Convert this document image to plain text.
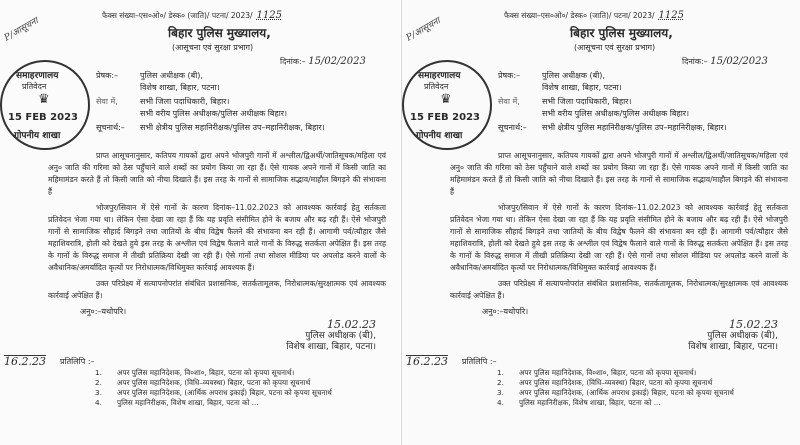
P/आसूचना
फैक्स संख्या–एस०ओ०/ डेस्क० (जाति)/ पटना/ 2023/ 1125
बिहार पुलिस मुख्यालय,
(आसूचना एवं सुरक्षा प्रभाग)
दिनांक:– 15/02/2023
समाहरणालय
प्रतिवेदन
♛
15 FEB 2023
गोपनीय शाखा
प्रेषक:–	पुलिस अधीक्षक (बी),
विशेष शाखा, बिहार, पटना।
सेवा में,	सभी जिला पदाधिकारी, बिहार।
सभी वरीय पुलिस अधीक्षक/पुलिस अधीक्षक बिहार।
सूचनार्थ:– सभी क्षेत्रीय पुलिस महानिरीक्षक/पुलिस उप–महानिरीक्षक, बिहार।
प्राप्त आसूचनानुसार, कतिपय गायकों द्वारा अपने भोजपुरी गानों में अश्लील/द्विअर्थी/जातिसूचक/महिला एवं अनु० जाति की गरिमा को ठेस पहुँचाने वाले शब्दों का प्रयोग किया जा रहा हैं। ऐसे गायक अपने गानों में किसी जाति का महिमामंडन करते हैं तो किसी जाति को नीचा दिखाते हैं। इस तरह के गानों से सामाजिक सद्भाव/माहौल बिगड़ने की संभावना हैं
भोजपुर/सिवान में ऐसे गानों के कारण दिनांक–11.02.2023 को आवश्यक कार्रवाई हेतु सर्तकता प्रतिवेदन भेजा गया था। लेकिन ऐसा देखा जा रहा हैं कि यह प्रवृति संसीमित होने के बजाय और बढ़ रही हैं। ऐसे भोजपुरी गानों से सामाजिक सौहार्द बिगड़ने तथा जातियों के बीच विद्वेष फैलने की संभावना बन रही हैं। आगामी पर्व/त्यौहार जैसे महाशिवरात्रि, होली को देखते हुये इस तरह के अश्लील एवं विद्वेष फैलाने वाले गानों के विरुद्ध सतर्कता अपेक्षित हैं। इस तरह के गानों के विरुद्ध समाज में तीखी प्रतिक्रिया देखी जा रही हैं। ऐसे गानों तथा सोशल मीडिया पर अपलोड करने वालों के अवैधानिक/अमर्यादित कृत्यों पर निरोधात्मक/विधिमुक्त कार्रवाई आवश्यक हैं।
उक्त परिप्रेक्ष्य में सत्यापनोपरांत संबंधित प्रशासनिक, सतर्कतामूलक, निरोधात्मक/सुरक्षात्मक एवं आवश्यक कार्रवाई अपेक्षित हैं।
अनु०:–यथोपरि।
15.02.23
पुलिस अधीक्षक (बी),
विशेष शाखा, बिहार, पटना।
16.2.23 प्रतिलिपि :–
1. अपर पुलिस महानिदेशक, वि०शा०, बिहार, पटना को कृपया सूचनार्थ।
2. अपर पुलिस महानिदेशक, (विधि–व्यवस्था) बिहार, पटना को कृपया सूचनार्थ
3. अपर पुलिस महानिदेशक, (आर्थिक अपराध इकाई) बिहार, पटना को कृपया सूचनार्थ
4. पुलिस महानिरीक्षक, विशेष शाखा, बिहार, पटना को ...
P/आसूचना
फैक्स संख्या–एस०ओ०/ डेस्क० (जाति)/ पटना/ 2023/ 1125
बिहार पुलिस मुख्यालय,
(आसूचना एवं सुरक्षा प्रभाग)
दिनांक:– 15/02/2023
समाहरणालय
प्रतिवेदन
♛
15 FEB 2023
गोपनीय शाखा
प्रेषक:–	पुलिस अधीक्षक (बी),
विशेष शाखा, बिहार, पटना।
सेवा में,	सभी जिला पदाधिकारी, बिहार।
सभी वरीय पुलिस अधीक्षक/पुलिस अधीक्षक बिहार।
सूचनार्थ:– सभी क्षेत्रीय पुलिस महानिरीक्षक/पुलिस उप–महानिरीक्षक, बिहार।
प्राप्त आसूचनानुसार, कतिपय गायकों द्वारा अपने भोजपुरी गानों में अश्लील/द्विअर्थी/जातिसूचक/महिला एवं अनु० जाति की गरिमा को ठेस पहुँचाने वाले शब्दों का प्रयोग किया जा रहा हैं। ऐसे गायक अपने गानों में किसी जाति का महिमामंडन करते हैं तो किसी जाति को नीचा दिखाते हैं। इस तरह के गानों से सामाजिक सद्भाव/माहौल बिगड़ने की संभावना हैं
भोजपुर/सिवान में ऐसे गानों के कारण दिनांक–11.02.2023 को आवश्यक कार्रवाई हेतु सर्तकता प्रतिवेदन भेजा गया था। लेकिन ऐसा देखा जा रहा हैं कि यह प्रवृति संसीमित होने के बजाय और बढ़ रही हैं। ऐसे भोजपुरी गानों से सामाजिक सौहार्द बिगड़ने तथा जातियों के बीच विद्वेष फैलने की संभावना बन रही हैं। आगामी पर्व/त्यौहार जैसे महाशिवरात्रि, होली को देखते हुये इस तरह के अश्लील एवं विद्वेष फैलाने वाले गानों के विरुद्ध सतर्कता अपेक्षित हैं। इस तरह के गानों के विरुद्ध समाज में तीखी प्रतिक्रिया देखी जा रही हैं। ऐसे गानों तथा सोशल मीडिया पर अपलोड करने वालों के अवैधानिक/अमर्यादित कृत्यों पर निरोधात्मक/विधिमुक्त कार्रवाई आवश्यक हैं।
उक्त परिप्रेक्ष्य में सत्यापनोपरांत संबंधित प्रशासनिक, सतर्कतामूलक, निरोधात्मक/सुरक्षात्मक एवं आवश्यक कार्रवाई अपेक्षित हैं।
अनु०:–यथोपरि।
15.02.23
पुलिस अधीक्षक (बी),
विशेष शाखा, बिहार, पटना।
16.2.23 प्रतिलिपि :–
1. अपर पुलिस महानिदेशक, वि०शा०, बिहार, पटना को कृपया सूचनार्थ।
2. अपर पुलिस महानिदेशक, (विधि–व्यवस्था) बिहार, पटना को कृपया सूचनार्थ
3. अपर पुलिस महानिदेशक, (आर्थिक अपराध इकाई) बिहार, पटना को कृपया सूचनार्थ
4. पुलिस महानिरीक्षक, विशेष शाखा, बिहार, पटना को ...
